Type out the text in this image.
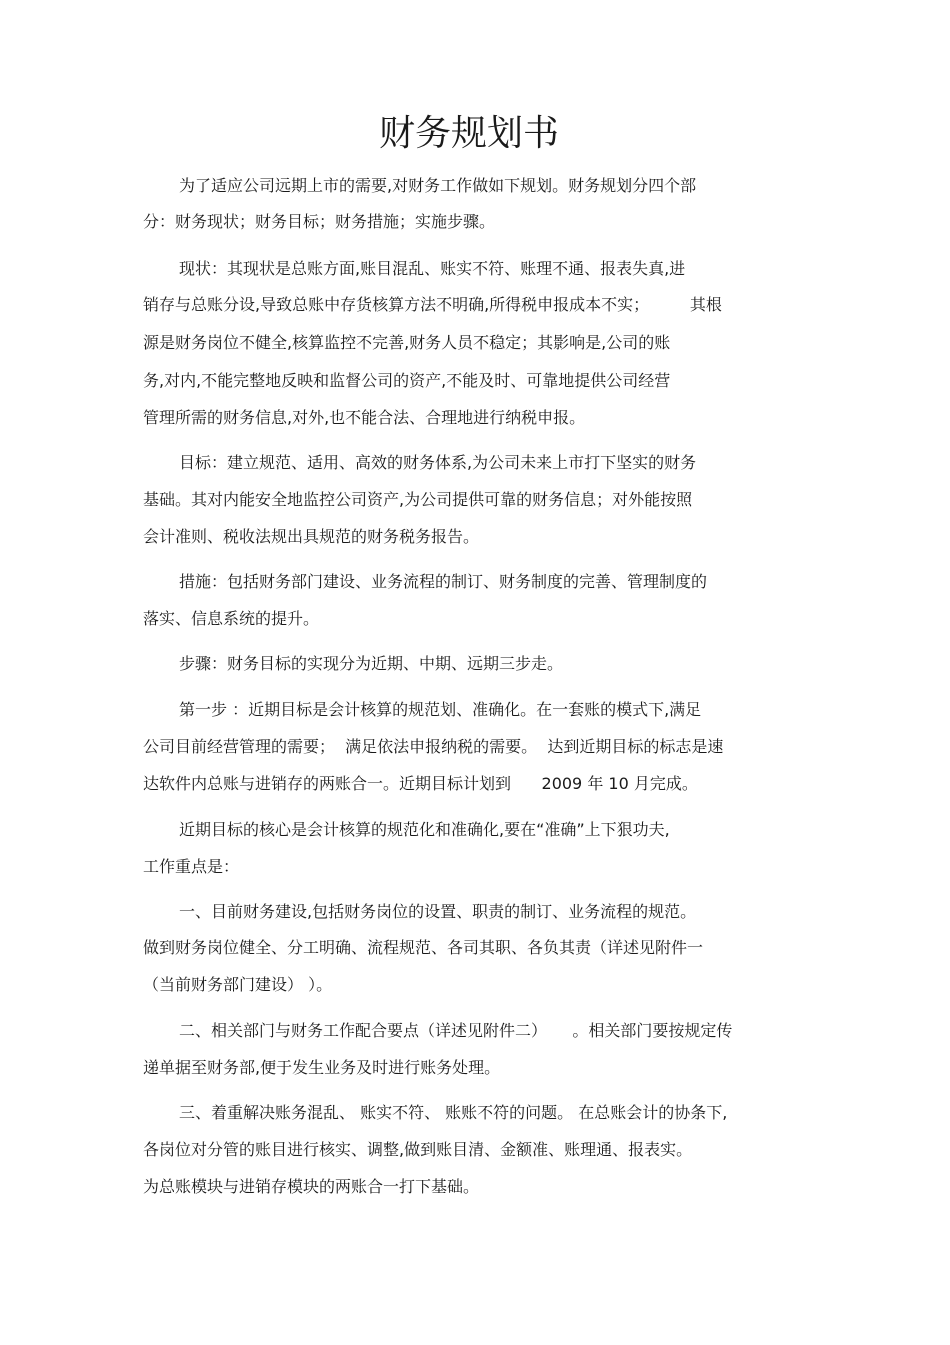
财务规划书

为了适应公司远期上市的需要,对财务工作做如下规划。财务规划分四个部

分：财务现状；财务目标；财务措施；实施步骤。

现状：其现状是总账方面,账目混乱、账实不符、账理不通、报表失真,进

销存与总账分设,导致总账中存货核算方法不明确,所得税申报成本不实；        其根

源是财务岗位不健全,核算监控不完善,财务人员不稳定；其影响是,公司的账

务,对内,不能完整地反映和监督公司的资产,不能及时、可靠地提供公司经营

管理所需的财务信息,对外,也不能合法、合理地进行纳税申报。

目标：建立规范、适用、高效的财务体系,为公司未来上市打下坚实的财务

基础。其对内能安全地监控公司资产,为公司提供可靠的财务信息；对外能按照

会计准则、税收法规出具规范的财务税务报告。

措施：包括财务部门建设、业务流程的制订、财务制度的完善、管理制度的

落实、信息系统的提升。

步骤：财务目标的实现分为近期、中期、远期三步走。

第一步 ：近期目标是会计核算的规范划、准确化。在一套账的模式下,满足

公司目前经营管理的需要；  满足依法申报纳税的需要。  达到近期目标的标志是速

达软件内总账与进销存的两账合一。近期目标计划到      2009 年 10 月完成。

近期目标的核心是会计核算的规范化和准确化,要在“准确”上下狠功夫,

工作重点是：

一、目前财务建设,包括财务岗位的设置、职责的制订、业务流程的规范。

做到财务岗位健全、分工明确、流程规范、各司其职、各负其责（详述见附件一

（当前财务部门建设） ）。

二、相关部门与财务工作配合要点（详述见附件二）     。相关部门要按规定传

递单据至财务部,便于发生业务及时进行账务处理。

三、着重解决账务混乱、 账实不符、 账账不符的问题。 在总账会计的协条下,

各岗位对分管的账目进行核实、调整,做到账目清、金额准、账理通、报表实。

为总账模块与进销存模块的两账合一打下基础。
